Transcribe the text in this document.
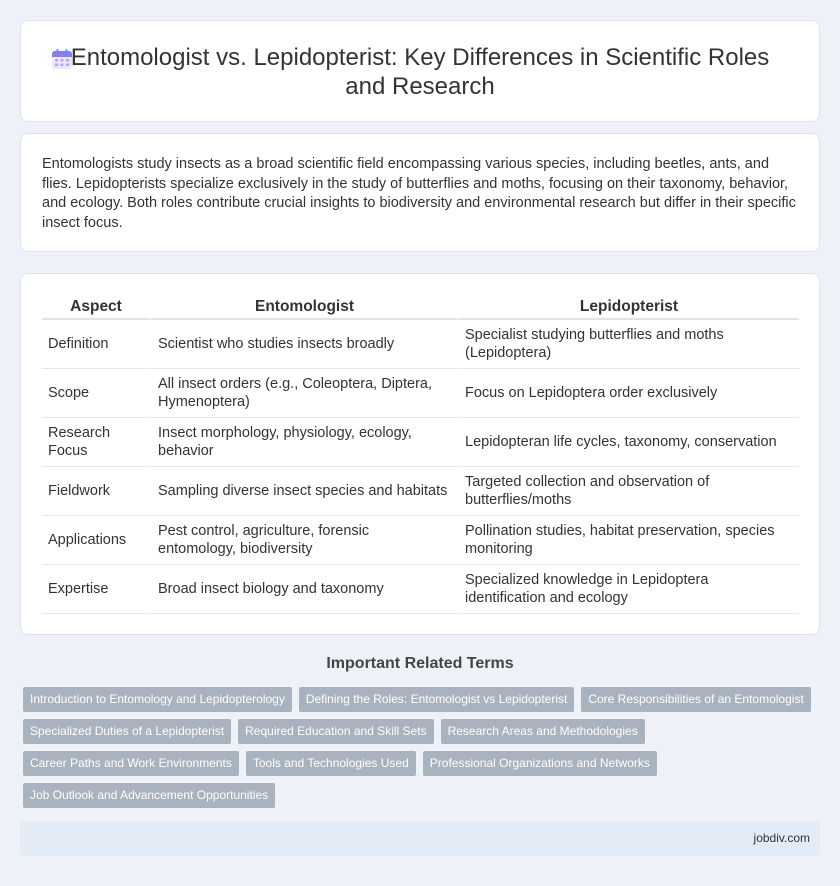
Entomologist vs. Lepidopterist: Key Differences in Scientific Roles and Research

Entomologists study insects as a broad scientific field encompassing various species, including beetles, ants, and flies. Lepidopterists specialize exclusively in the study of butterflies and moths, focusing on their taxonomy, behavior, and ecology. Both roles contribute crucial insights to biodiversity and environmental research but differ in their specific insect focus.

Aspect	Entomologist	Lepidopterist
Definition	Scientist who studies insects broadly	Specialist studying butterflies and moths (Lepidoptera)
Scope	All insect orders (e.g., Coleoptera, Diptera, Hymenoptera)	Focus on Lepidoptera order exclusively
Research Focus	Insect morphology, physiology, ecology, behavior	Lepidopteran life cycles, taxonomy, conservation
Fieldwork	Sampling diverse insect species and habitats	Targeted collection and observation of butterflies/moths
Applications	Pest control, agriculture, forensic entomology, biodiversity	Pollination studies, habitat preservation, species monitoring
Expertise	Broad insect biology and taxonomy	Specialized knowledge in Lepidoptera identification and ecology
Important Related Terms
Introduction to Entomology and Lepidopterology	Defining the Roles: Entomologist vs Lepidopterist	Core Responsibilities of an Entomologist
Specialized Duties of a Lepidopterist	Required Education and Skill Sets	Research Areas and Methodologies
Career Paths and Work Environments	Tools and Technologies Used	Professional Organizations and Networks
Job Outlook and Advancement Opportunities
jobdiv.com
